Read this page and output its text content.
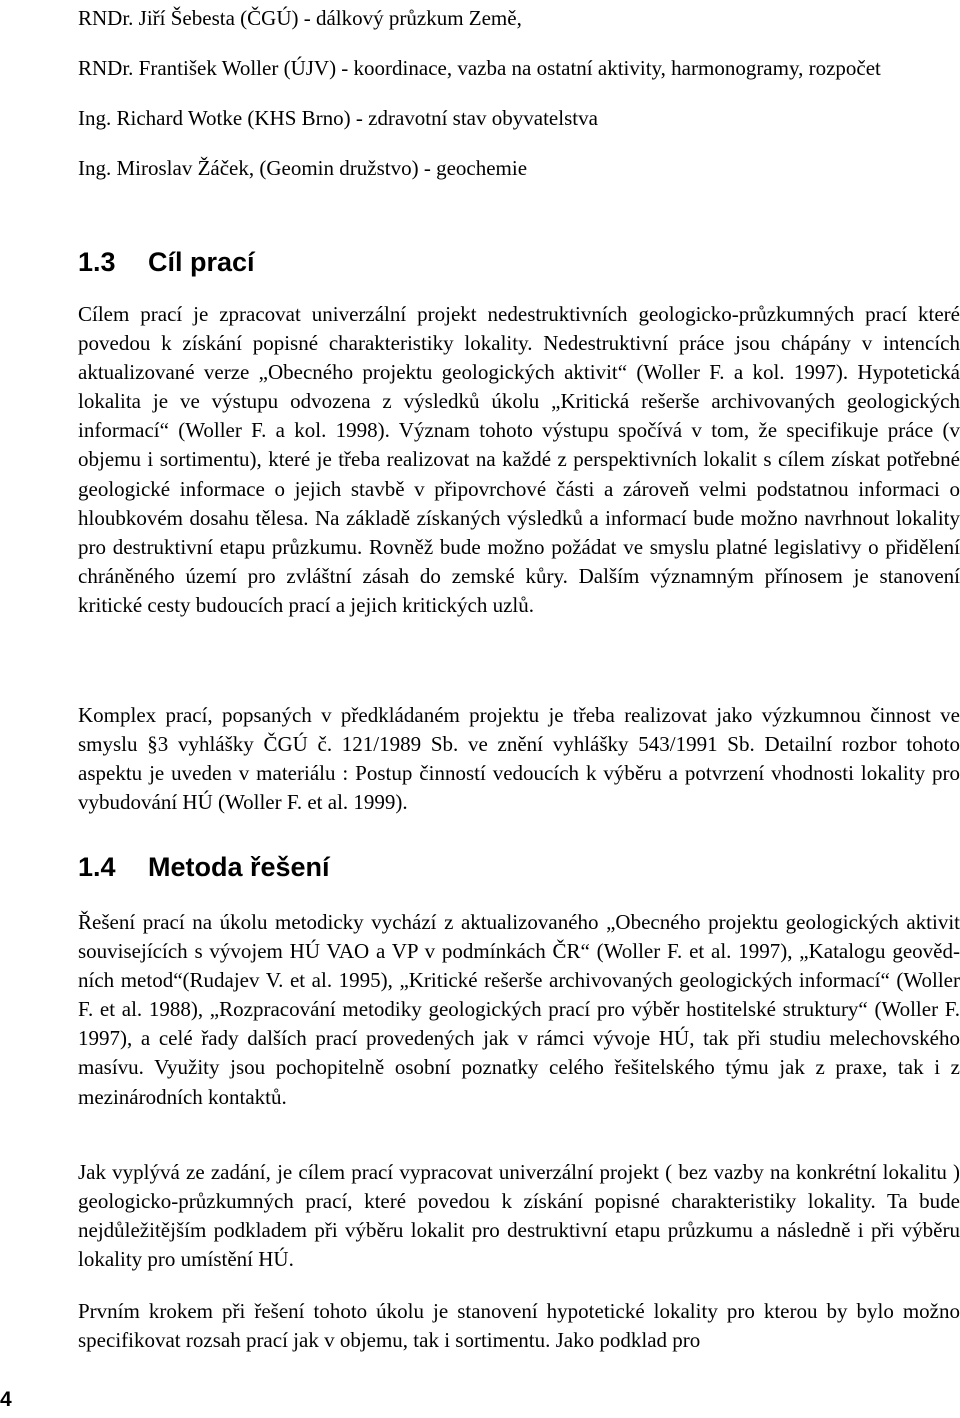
RNDr. Jiří Šebesta (ČGÚ) - dálkový průzkum Země,
RNDr. František Woller (ÚJV) - koordinace, vazba na ostatní aktivity, harmonogramy, rozpočet
Ing. Richard Wotke (KHS Brno) - zdravotní stav obyvatelstva
Ing. Miroslav Žáček, (Geomin družstvo) - geochemie
1.3 Cíl prací

Cílem prací je zpracovat univerzální projekt nedestruktivních geologicko-průzkumných prací které povedou k získání popisné charakteristiky lokality. Nedestruktivní práce jsou chápány v intencích aktualizované verze „Obecného projektu geologických aktivit“ (Woller F. a kol. 1997). Hypotetická lokalita je ve výstupu odvozena z výsledků úkolu „Kritická rešerše archivovaných geologických informací“ (Woller F. a kol. 1998). Význam tohoto výstupu spočívá v tom, že specifikuje práce (v objemu i sortimentu), které je třeba realizovat na každé z perspektivních lokalit s cílem získat potřebné geologické informace o jejich stavbě v připovrchové části a zároveň velmi podstatnou informaci o hloubkovém dosahu tělesa. Na základě získaných výsledků a informací bude možno navrhnout lokality pro destruktivní etapu průzkumu. Rovněž bude možno požádat ve smyslu platné legislativy o přidělení chráněného území pro zvláštní zásah do zemské kůry. Dalším významným přínosem je stanovení kritické cesty budoucích prací a jejich kritických uzlů.

Komplex prací, popsaných v předkládaném projektu je třeba realizovat jako výzkumnou činnost ve smyslu §3 vyhlášky ČGÚ č. 121/1989 Sb. ve znění vyhlášky 543/1991 Sb. Detailní rozbor tohoto aspektu je uveden v materiálu : Postup činností vedoucích k výběru a potvrzení vhodnosti lokality pro vybudování HÚ (Woller F. et al. 1999).

1.4 Metoda řešení

Řešení prací na úkolu metodicky vychází z aktualizovaného „Obecného projektu geologických aktivit souvisejících s vývojem HÚ VAO a VP v podmínkách ČR“ (Woller F. et al. 1997), „Katalogu geovědních metod“(Rudajev V. et al. 1995), „Kritické rešerše archivovaných geologických informací“ (Woller F. et al. 1988), „Rozpracování metodiky geologických prací pro výběr hostitelské struktury“ (Woller F. 1997), a celé řady dalších prací provedených jak v rámci vývoje HÚ, tak při studiu melechovského masívu. Využity jsou pochopitelně osobní poznatky celého řešitelského týmu jak z praxe, tak i z mezinárodních kontaktů.

Jak vyplývá ze zadání, je cílem prací vypracovat univerzální projekt ( bez vazby na konkrétní lokalitu ) geologicko-průzkumných prací, které povedou k získání popisné charakteristiky lokality. Ta bude nejdůležitějším podkladem při výběru lokalit pro destruktivní etapu průzkumu a následně i při výběru lokality pro umístění HÚ.

Prvním krokem při řešení tohoto úkolu je stanovení hypotetické lokality pro kterou by bylo možno specifikovat rozsah prací jak v objemu, tak i sortimentu. Jako podklad pro

4
